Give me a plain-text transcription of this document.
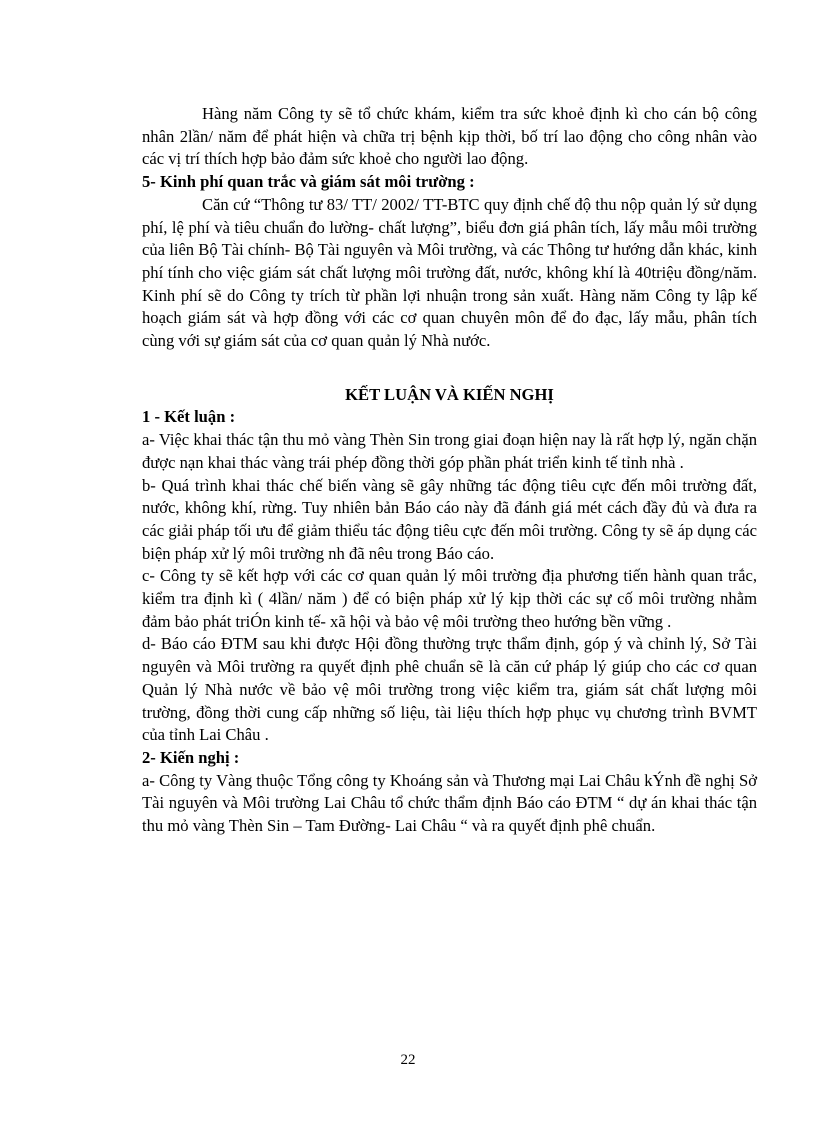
Hàng năm Công ty sẽ tổ chức khám, kiểm tra sức khoẻ định kì cho cán bộ công nhân 2lần/ năm để phát hiện và chữa trị bệnh kịp thời, bố trí lao động cho công nhân vào các vị trí thích hợp bảo đảm sức khoẻ cho người lao động.

5- Kinh phí quan trắc và giám sát môi trường :

Căn cứ “Thông tư 83/ TT/ 2002/ TT-BTC quy định chế độ thu nộp quản lý sử dụng phí, lệ phí và tiêu chuẩn đo lường- chất lượng”, biểu đơn giá phân tích, lấy mẫu môi trường của liên Bộ Tài chính- Bộ Tài nguyên và Môi trường, và các Thông tư hướng dẫn khác, kinh phí tính cho việc giám sát chất lượng môi trường đất, nước, không khí là 40triệu đồng/năm. Kinh phí sẽ do Công ty trích từ phần lợi nhuận trong sản xuất. Hàng năm Công ty lập kế hoạch giám sát và hợp đồng với các cơ quan chuyên môn để đo đạc, lấy mẫu, phân tích cùng với sự giám sát của cơ quan quản lý Nhà nước.

KẾT LUẬN VÀ KIẾN NGHỊ

1 - Kết luận :

a- Việc khai thác tận thu mỏ vàng Thèn Sin trong giai đoạn hiện nay là rất hợp lý, ngăn chặn được nạn khai thác vàng trái phép đồng thời góp phần phát triển kinh tế tỉnh nhà .

b- Quá trình khai thác chế biến vàng sẽ gây những tác động tiêu cực đến môi trường đất, nước, không khí, rừng. Tuy nhiên bản Báo cáo này đã đánh giá mét cách đầy đủ và đưa ra các giải pháp tối ưu để giảm thiểu tác động tiêu cực đến môi trường. Công ty sẽ áp dụng các biện pháp xử lý môi trường nh đã nêu trong Báo cáo.

c- Công ty sẽ kết hợp với các cơ quan quản lý môi trường địa phương tiến hành quan trắc, kiểm tra định kì ( 4lần/ năm ) để có biện pháp xử lý kịp thời các sự cố môi trường nhằm đảm bảo phát triÓn kinh tế- xã hội và bảo vệ môi trường theo hướng bền vững .

d- Báo cáo ĐTM sau khi được Hội đồng thường trực thẩm định, góp ý và chỉnh lý, Sở Tài nguyên và Môi trường ra quyết định phê chuẩn sẽ là căn cứ pháp lý giúp cho các cơ quan Quản lý Nhà nước về bảo vệ môi trường trong việc kiểm tra, giám sát chất lượng môi trường, đồng thời cung cấp những số liệu, tài liệu thích hợp phục vụ chương trình BVMT của tỉnh Lai Châu .

2- Kiến nghị :

a- Công ty Vàng thuộc Tổng công ty Khoáng sản và Thương mại Lai Châu kÝnh đề nghị Sở Tài nguyên và Môi trường Lai Châu tổ chức thẩm định Báo cáo ĐTM “ dự án khai thác tận thu mỏ vàng Thèn Sin – Tam Đường- Lai Châu “ và ra quyết định phê chuẩn.

22
